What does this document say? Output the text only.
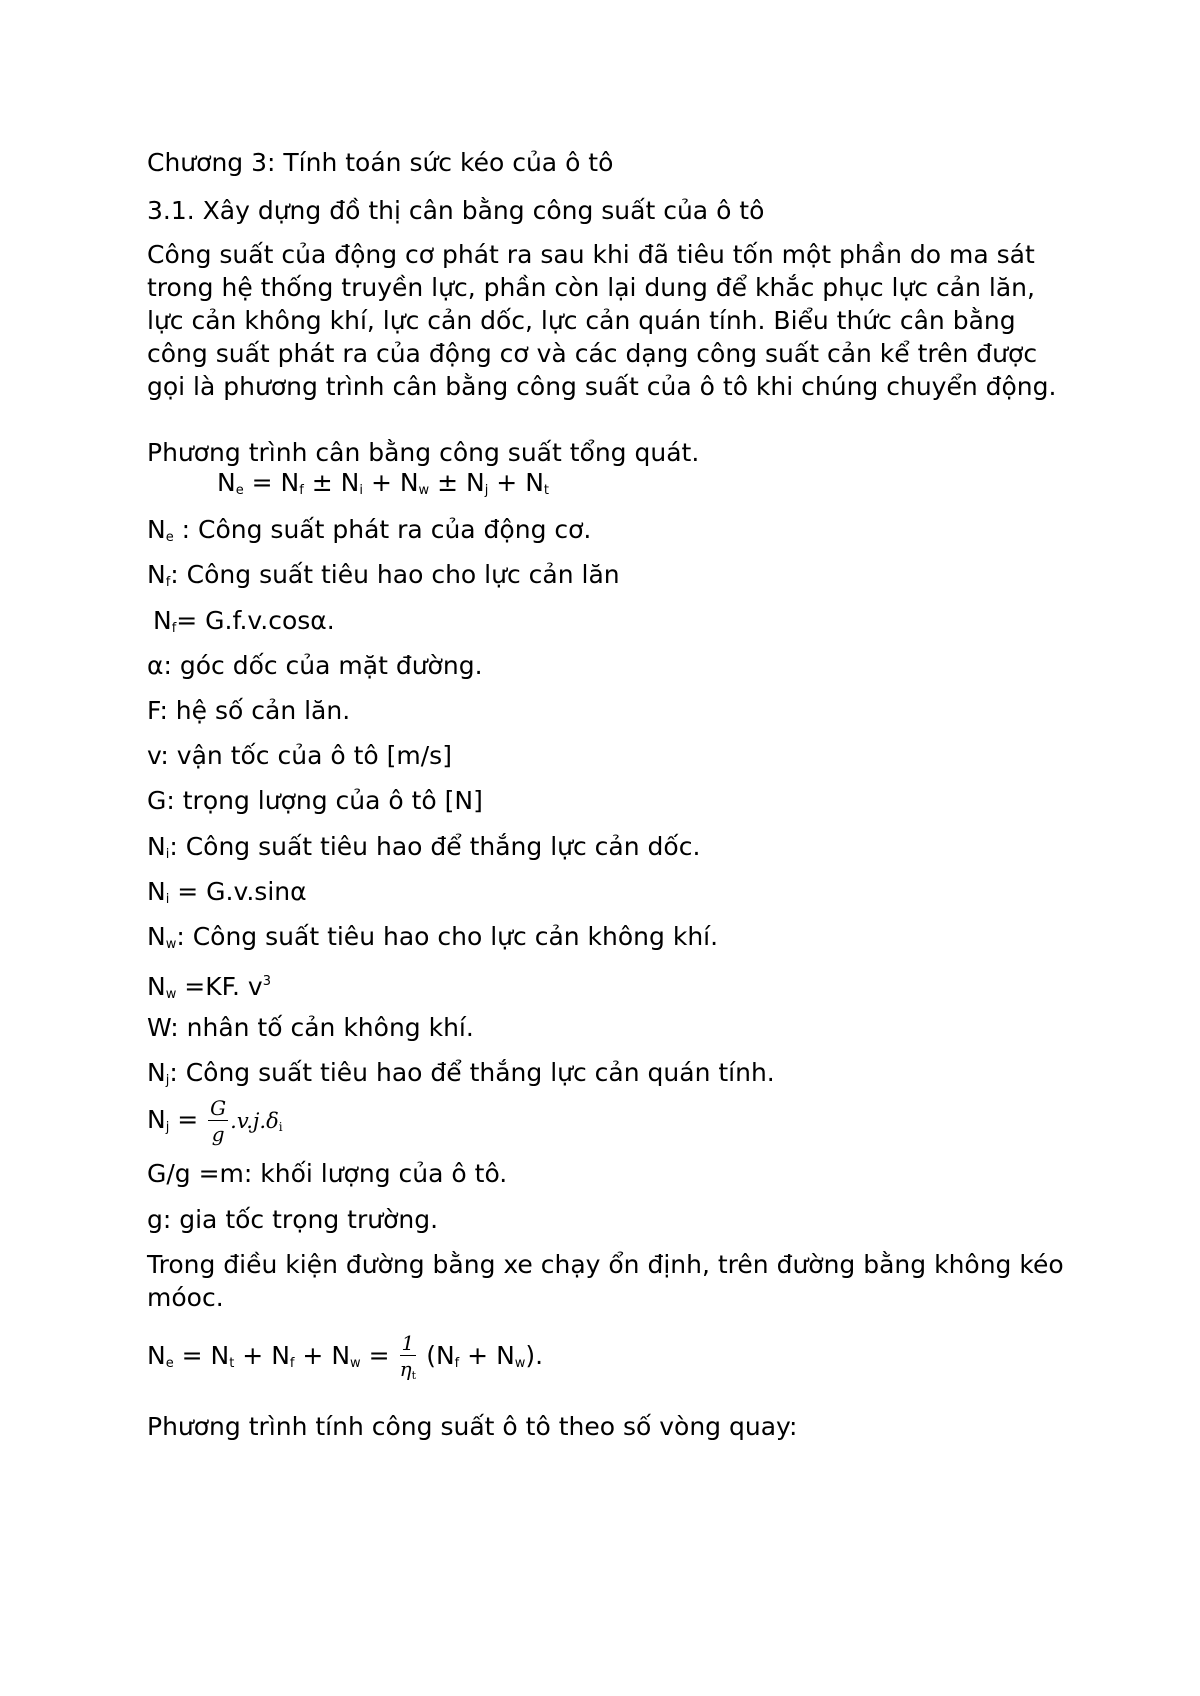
Chương 3: Tính toán sức kéo của ô tô
3.1. Xây dựng đồ thị cân bằng công suất của ô tô
Công suất của động cơ phát ra sau khi đã tiêu tốn một phần do ma sát trong hệ thống truyền lực, phần còn lại dung để khắc phục lực cản lăn, lực cản không khí, lực cản dốc, lực cản quán tính. Biểu thức cân bằng công suất phát ra của động cơ và các dạng công suất cản kể trên được gọi là phương trình cân bằng công suất của ô tô khi chúng chuyển động.
Phương trình cân bằng công suất tổng quát.
$N_e = N_f \pm N_i + N_w \pm N_j + N_t$
$N_e$ : Công suất phát ra của động cơ.
$N_f$: Công suất tiêu hao cho lực cản lăn
$N_f= G.f.v.\cos\alpha$.
α: góc dốc của mặt đường.
F: hệ số cản lăn.
v: vận tốc của ô tô [m/s]
G: trọng lượng của ô tô [N]
$N_i$: Công suất tiêu hao để thắng lực cản dốc.
$N_i = G.v.\sin\alpha$
$N_w$: Công suất tiêu hao cho lực cản không khí.
$N_w =KF$. $v^3$
W: nhân tố cản không khí.
$N_j$: Công suất tiêu hao để thắng lực cản quán tính.
$N_j = \frac{G}{g} .v.j.\delta_i$
G/g =m: khối lượng của ô tô.
g: gia tốc trọng trường.
Trong điều kiện đường bằng xe chạy ổn định, trên đường bằng không kéo móoc.
$N_e = N_t + N_f + N_w = \frac{1}{\eta_t} (N_f + N_w)$.
Phương trình tính công suất ô tô theo số vòng quay:
